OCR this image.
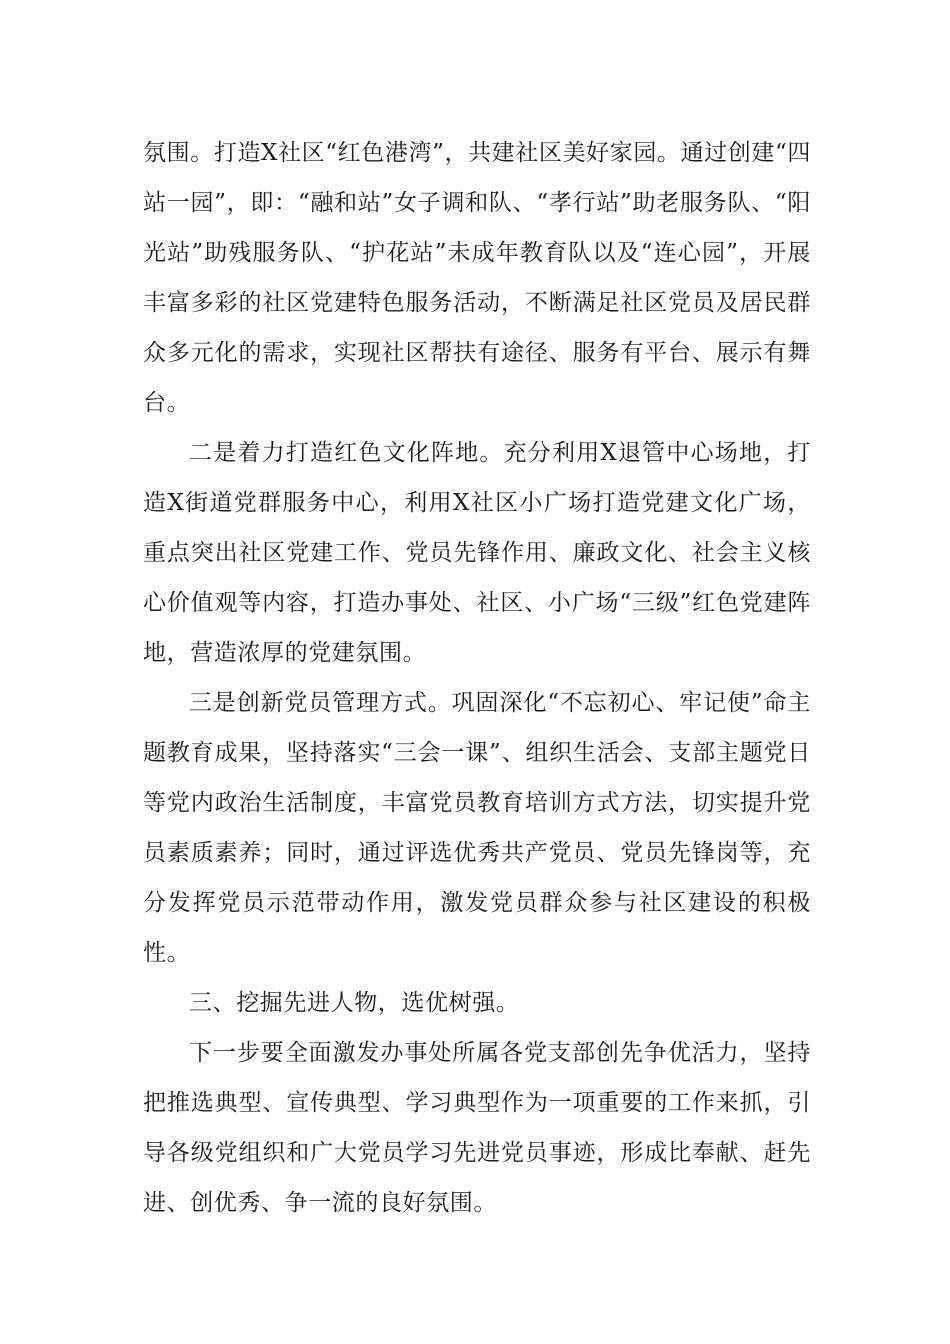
氛围。打造X社区“红色港湾”，共建社区美好家园。通过创建“四站一园”，即：“融和站”女子调和队、“孝行站”助老服务队、“阳光站”助残服务队、“护花站”未成年教育队以及“连心园”，开展丰富多彩的社区党建特色服务活动，不断满足社区党员及居民群众多元化的需求，实现社区帮扶有途径、服务有平台、展示有舞台。

二是着力打造红色文化阵地。充分利用X退管中心场地，打造X街道党群服务中心，利用X社区小广场打造党建文化广场，重点突出社区党建工作、党员先锋作用、廉政文化、社会主义核心价值观等内容，打造办事处、社区、小广场“三级”红色党建阵地，营造浓厚的党建氛围。

三是创新党员管理方式。巩固深化“不忘初心、牢记使”命主题教育成果，坚持落实“三会一课”、组织生活会、支部主题党日等党内政治生活制度，丰富党员教育培训方式方法，切实提升党员素质素养；同时，通过评选优秀共产党员、党员先锋岗等，充分发挥党员示范带动作用，激发党员群众参与社区建设的积极性。

三、挖掘先进人物，选优树强。

下一步要全面激发办事处所属各党支部创先争优活力，坚持把推选典型、宣传典型、学习典型作为一项重要的工作来抓，引导各级党组织和广大党员学习先进党员事迹，形成比奉献、赶先进、创优秀、争一流的良好氛围。
